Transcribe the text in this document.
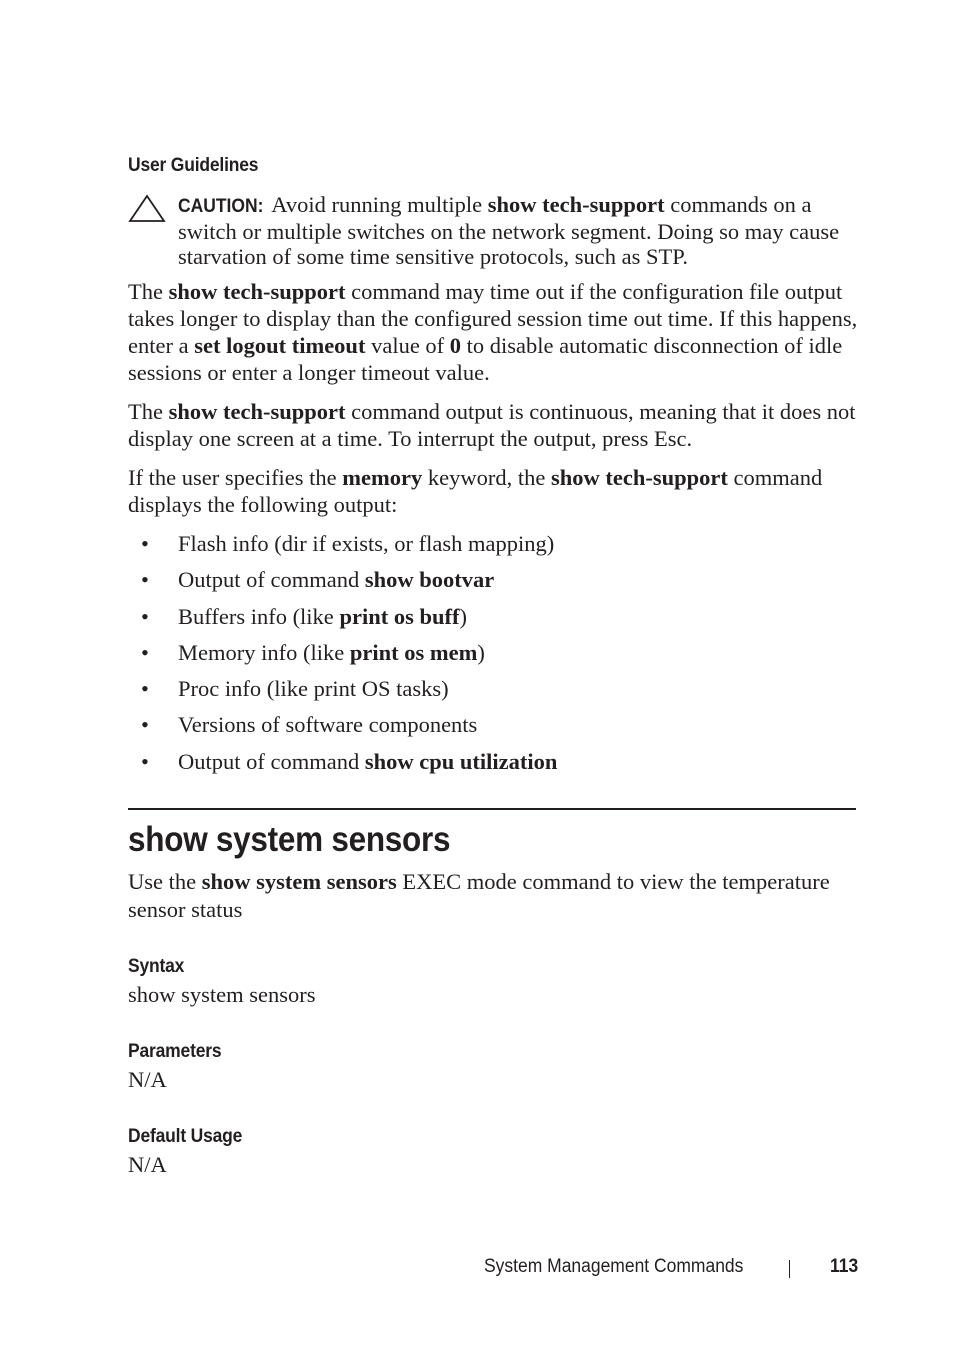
User Guidelines
CAUTION: Avoid running multiple show tech-support commands on a switch or multiple switches on the network segment. Doing so may cause starvation of some time sensitive protocols, such as STP.
The show tech-support command may time out if the configuration file output takes longer to display than the configured session time out time. If this happens, enter a set logout timeout value of 0 to disable automatic disconnection of idle sessions or enter a longer timeout value.
The show tech-support command output is continuous, meaning that it does not display one screen at a time. To interrupt the output, press Esc.
If the user specifies the memory keyword, the show tech-support command displays the following output:
• Flash info (dir if exists, or flash mapping)
• Output of command show bootvar
• Buffers info (like print os buff)
• Memory info (like print os mem)
• Proc info (like print OS tasks)
• Versions of software components
• Output of command show cpu utilization
show system sensors
Use the show system sensors EXEC mode command to view the temperature sensor status
Syntax
show system sensors
Parameters
N/A
Default Usage
N/A
System Management Commands	113
